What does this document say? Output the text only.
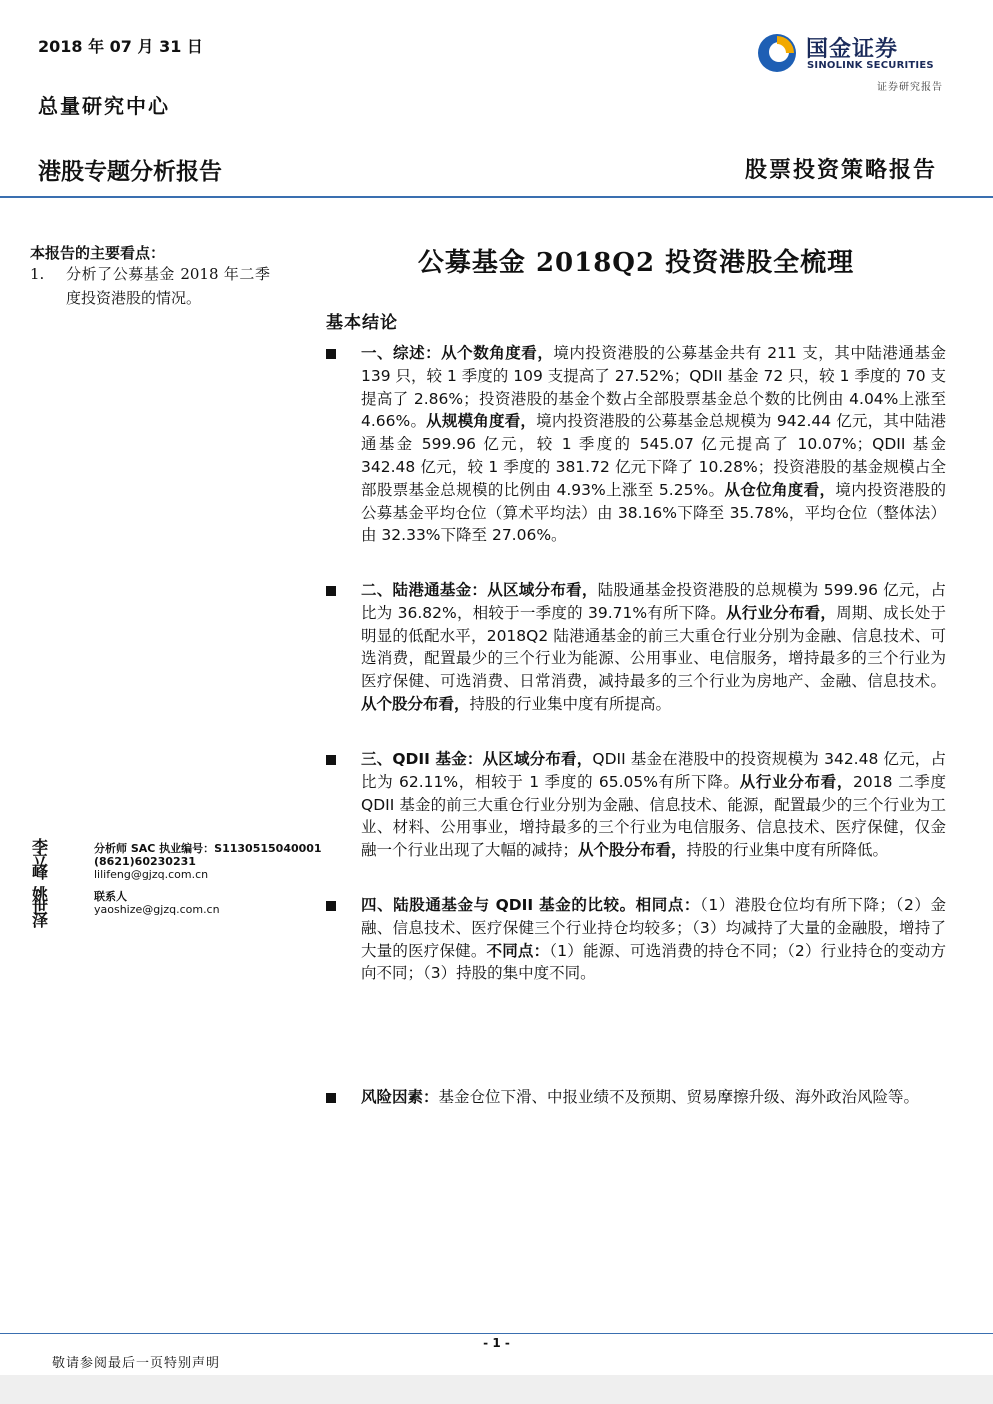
2018 年 07 月 31 日
总量研究中心
港股专题分析报告	股票投资策略报告
国金证券
SINOLINK SECURITIES
证券研究报告
本报告的主要看点：
1. 分析了公募基金 2018 年二季度投资港股的情况。
李立峰
分析师 SAC 执业编号：S1130515040001
(8621)60230231
lilifeng@gjzq.com.cn
姚世泽
联系人
yaoshize@gjzq.com.cn
公募基金 2018Q2 投资港股全梳理
基本结论
一、综述：从个数角度看，境内投资港股的公募基金共有 211 支，其中陆港通基金 139 只，较 1 季度的 109 支提高了 27.52%；QDII 基金 72 只，较 1 季度的 70 支提高了 2.86%；投资港股的基金个数占全部股票基金总个数的比例由 4.04%上涨至 4.66%。从规模角度看，境内投资港股的公募基金总规模为 942.44 亿元，其中陆港通基金 599.96 亿元，较 1 季度的 545.07 亿元提高了 10.07%；QDII 基金 342.48 亿元，较 1 季度的 381.72 亿元下降了 10.28%；投资港股的基金规模占全部股票基金总规模的比例由 4.93%上涨至 5.25%。从仓位角度看，境内投资港股的公募基金平均仓位（算术平均法）由 38.16%下降至 35.78%，平均仓位（整体法）由 32.33%下降至 27.06%。
二、陆港通基金：从区域分布看，陆股通基金投资港股的总规模为 599.96 亿元，占比为 36.82%，相较于一季度的 39.71%有所下降。从行业分布看，周期、成长处于明显的低配水平，2018Q2 陆港通基金的前三大重仓行业分别为金融、信息技术、可选消费，配置最少的三个行业为能源、公用事业、电信服务，增持最多的三个行业为医疗保健、可选消费、日常消费，减持最多的三个行业为房地产、金融、信息技术。从个股分布看，持股的行业集中度有所提高。
三、QDII 基金：从区域分布看，QDII 基金在港股中的投资规模为 342.48 亿元，占比为 62.11%，相较于 1 季度的 65.05%有所下降。从行业分布看，2018 二季度 QDII 基金的前三大重仓行业分别为金融、信息技术、能源，配置最少的三个行业为工业、材料、公用事业，增持最多的三个行业为电信服务、信息技术、医疗保健，仅金融一个行业出现了大幅的减持；从个股分布看，持股的行业集中度有所降低。
四、陆股通基金与 QDII 基金的比较。相同点：（1）港股仓位均有所下降；（2）金融、信息技术、医疗保健三个行业持仓均较多；（3）均减持了大量的金融股，增持了大量的医疗保健。不同点：（1）能源、可选消费的持仓不同；（2）行业持仓的变动方向不同；（3）持股的集中度不同。
风险因素：基金仓位下滑、中报业绩不及预期、贸易摩擦升级、海外政治风险等。
- 1 -
敬请参阅最后一页特别声明
